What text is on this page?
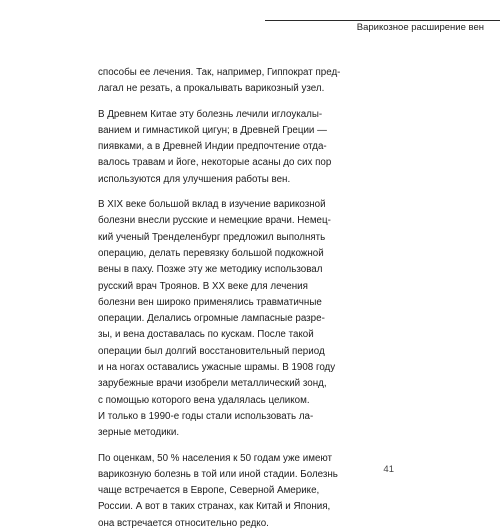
Варикозное расширение вен

способы ее лечения. Так, например, Гиппократ пред-
лагал не резать, а прокалывать варикозный узел.

В Древнем Китае эту болезнь лечили иглоукалы-
ванием и гимнастикой цигун; в Древней Греции —
пиявками, а в Древней Индии предпочтение отда-
валось травам и йоге, некоторые асаны до сих пор
используются для улучшения работы вен.

В XIX веке большой вклад в изучение варикозной
болезни внесли русские и немецкие врачи. Немец-
кий ученый Тренделенбург предложил выполнять
операцию, делать перевязку большой подкожной
вены в паху. Позже эту же методику использовал
русский врач Троянов. В XX веке для лечения
болезни вен широко применялись травматичные
операции. Делались огромные лампасные разре-
зы, и вена доставалась по кускам. После такой
операции был долгий восстановительный период
и на ногах оставались ужасные шрамы. В 1908 году
зарубежные врачи изобрели металлический зонд,
с помощью которого вена удалялась целиком.
И только в 1990-е годы стали использовать ла-
зерные методики.

По оценкам, 50 % населения к 50 годам уже имеют
варикозную болезнь в той или иной стадии. Болезнь
чаще встречается в Европе, Северной Америке,
России. А вот в таких странах, как Китай и Япония,
она встречается относительно редко.

41
